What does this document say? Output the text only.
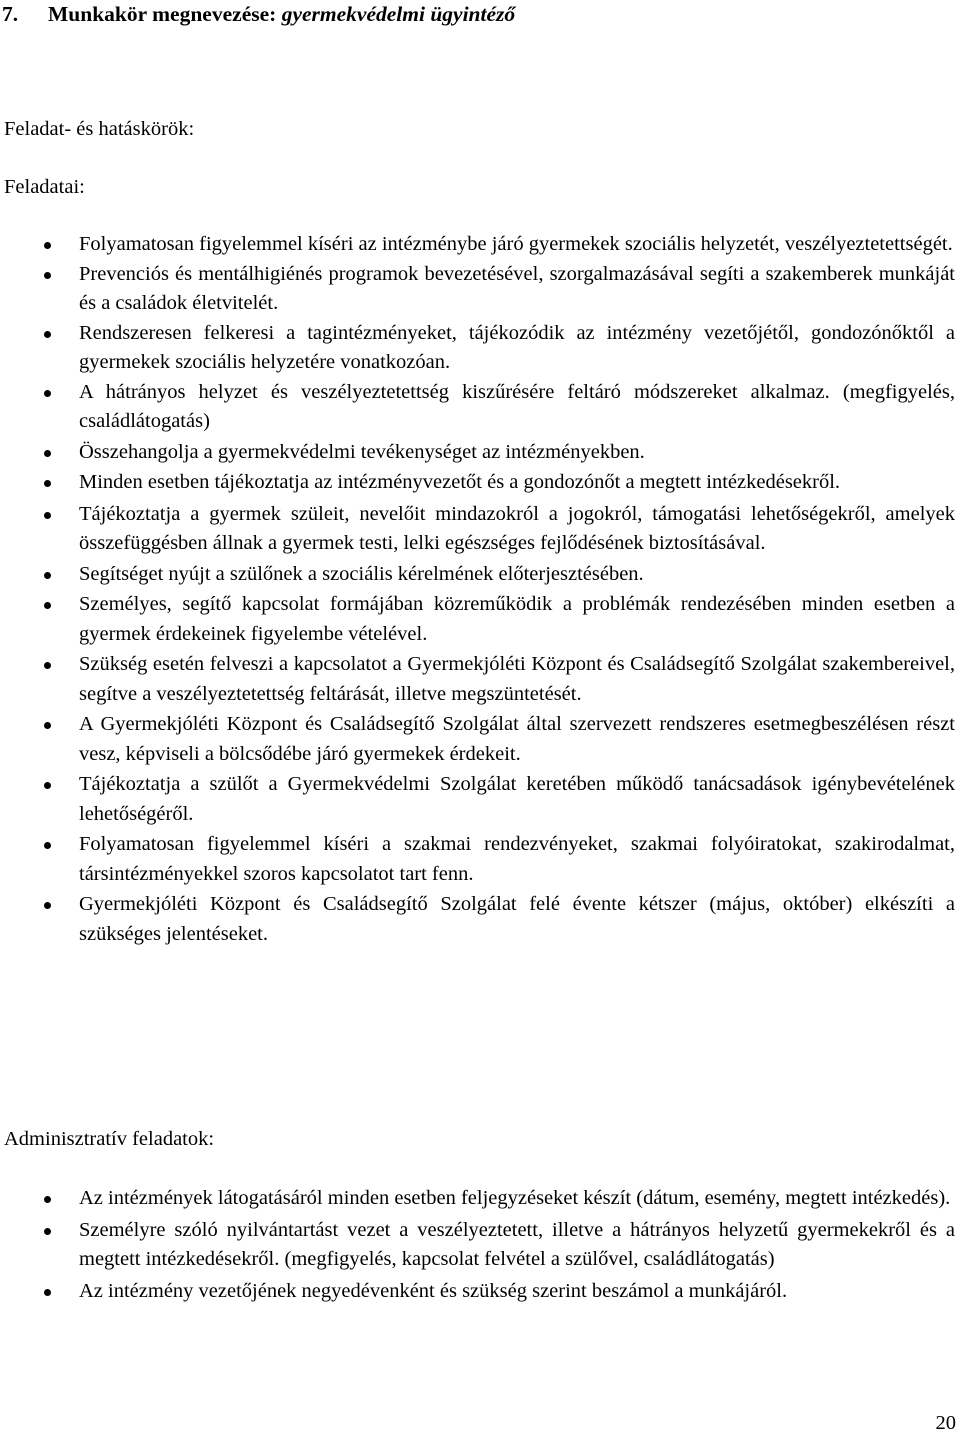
7. Munkakör megnevezése: gyermekvédelmi ügyintéző

Feladat- és hatáskörök:

Feladatai:

Folyamatosan figyelemmel kíséri az intézménybe járó gyermekek szociális helyzetét, veszélyeztetettségét.
Prevenciós és mentálhigiénés programok bevezetésével, szorgalmazásával segíti a szakemberek munkáját és a családok életvitelét.
Rendszeresen felkeresi a tagintézményeket, tájékozódik az intézmény vezetőjétől, gondozónőktől a gyermekek szociális helyzetére vonatkozóan.
A hátrányos helyzet és veszélyeztetettség kiszűrésére feltáró módszereket alkalmaz. (megfigyelés, családlátogatás)
Összehangolja a gyermekvédelmi tevékenységet az intézményekben.
Minden esetben tájékoztatja az intézményvezetőt és a gondozónőt a megtett intézkedésekről.
Tájékoztatja a gyermek szüleit, nevelőit mindazokról a jogokról, támogatási lehetőségekről, amelyek összefüggésben állnak a gyermek testi, lelki egészséges fejlődésének biztosításával.
Segítséget nyújt a szülőnek a szociális kérelmének előterjesztésében.
Személyes, segítő kapcsolat formájában közreműködik a problémák rendezésében minden esetben a gyermek érdekeinek figyelembe vételével.
Szükség esetén felveszi a kapcsolatot a Gyermekjóléti Központ és Családsegítő Szolgálat szakembereivel, segítve a veszélyeztetettség feltárását, illetve megszüntetését.
A Gyermekjóléti Központ és Családsegítő Szolgálat által szervezett rendszeres esetmegbeszélésen részt vesz, képviseli a bölcsődébe járó gyermekek érdekeit.
Tájékoztatja a szülőt a Gyermekvédelmi Szolgálat keretében működő tanácsadások igénybevételének lehetőségéről.
Folyamatosan figyelemmel kíséri a szakmai rendezvényeket, szakmai folyóiratokat, szakirodalmat, társintézményekkel szoros kapcsolatot tart fenn.
Gyermekjóléti Központ és Családsegítő Szolgálat felé évente kétszer (május, október) elkészíti a szükséges jelentéseket.

Adminisztratív feladatok:

Az intézmények látogatásáról minden esetben feljegyzéseket készít (dátum, esemény, megtett intézkedés).
Személyre szóló nyilvántartást vezet a veszélyeztetett, illetve a hátrányos helyzetű gyermekekről és a megtett intézkedésekről. (megfigyelés, kapcsolat felvétel a szülővel, családlátogatás)
Az intézmény vezetőjének negyedévenként és szükség szerint beszámol a munkájáról.

20
